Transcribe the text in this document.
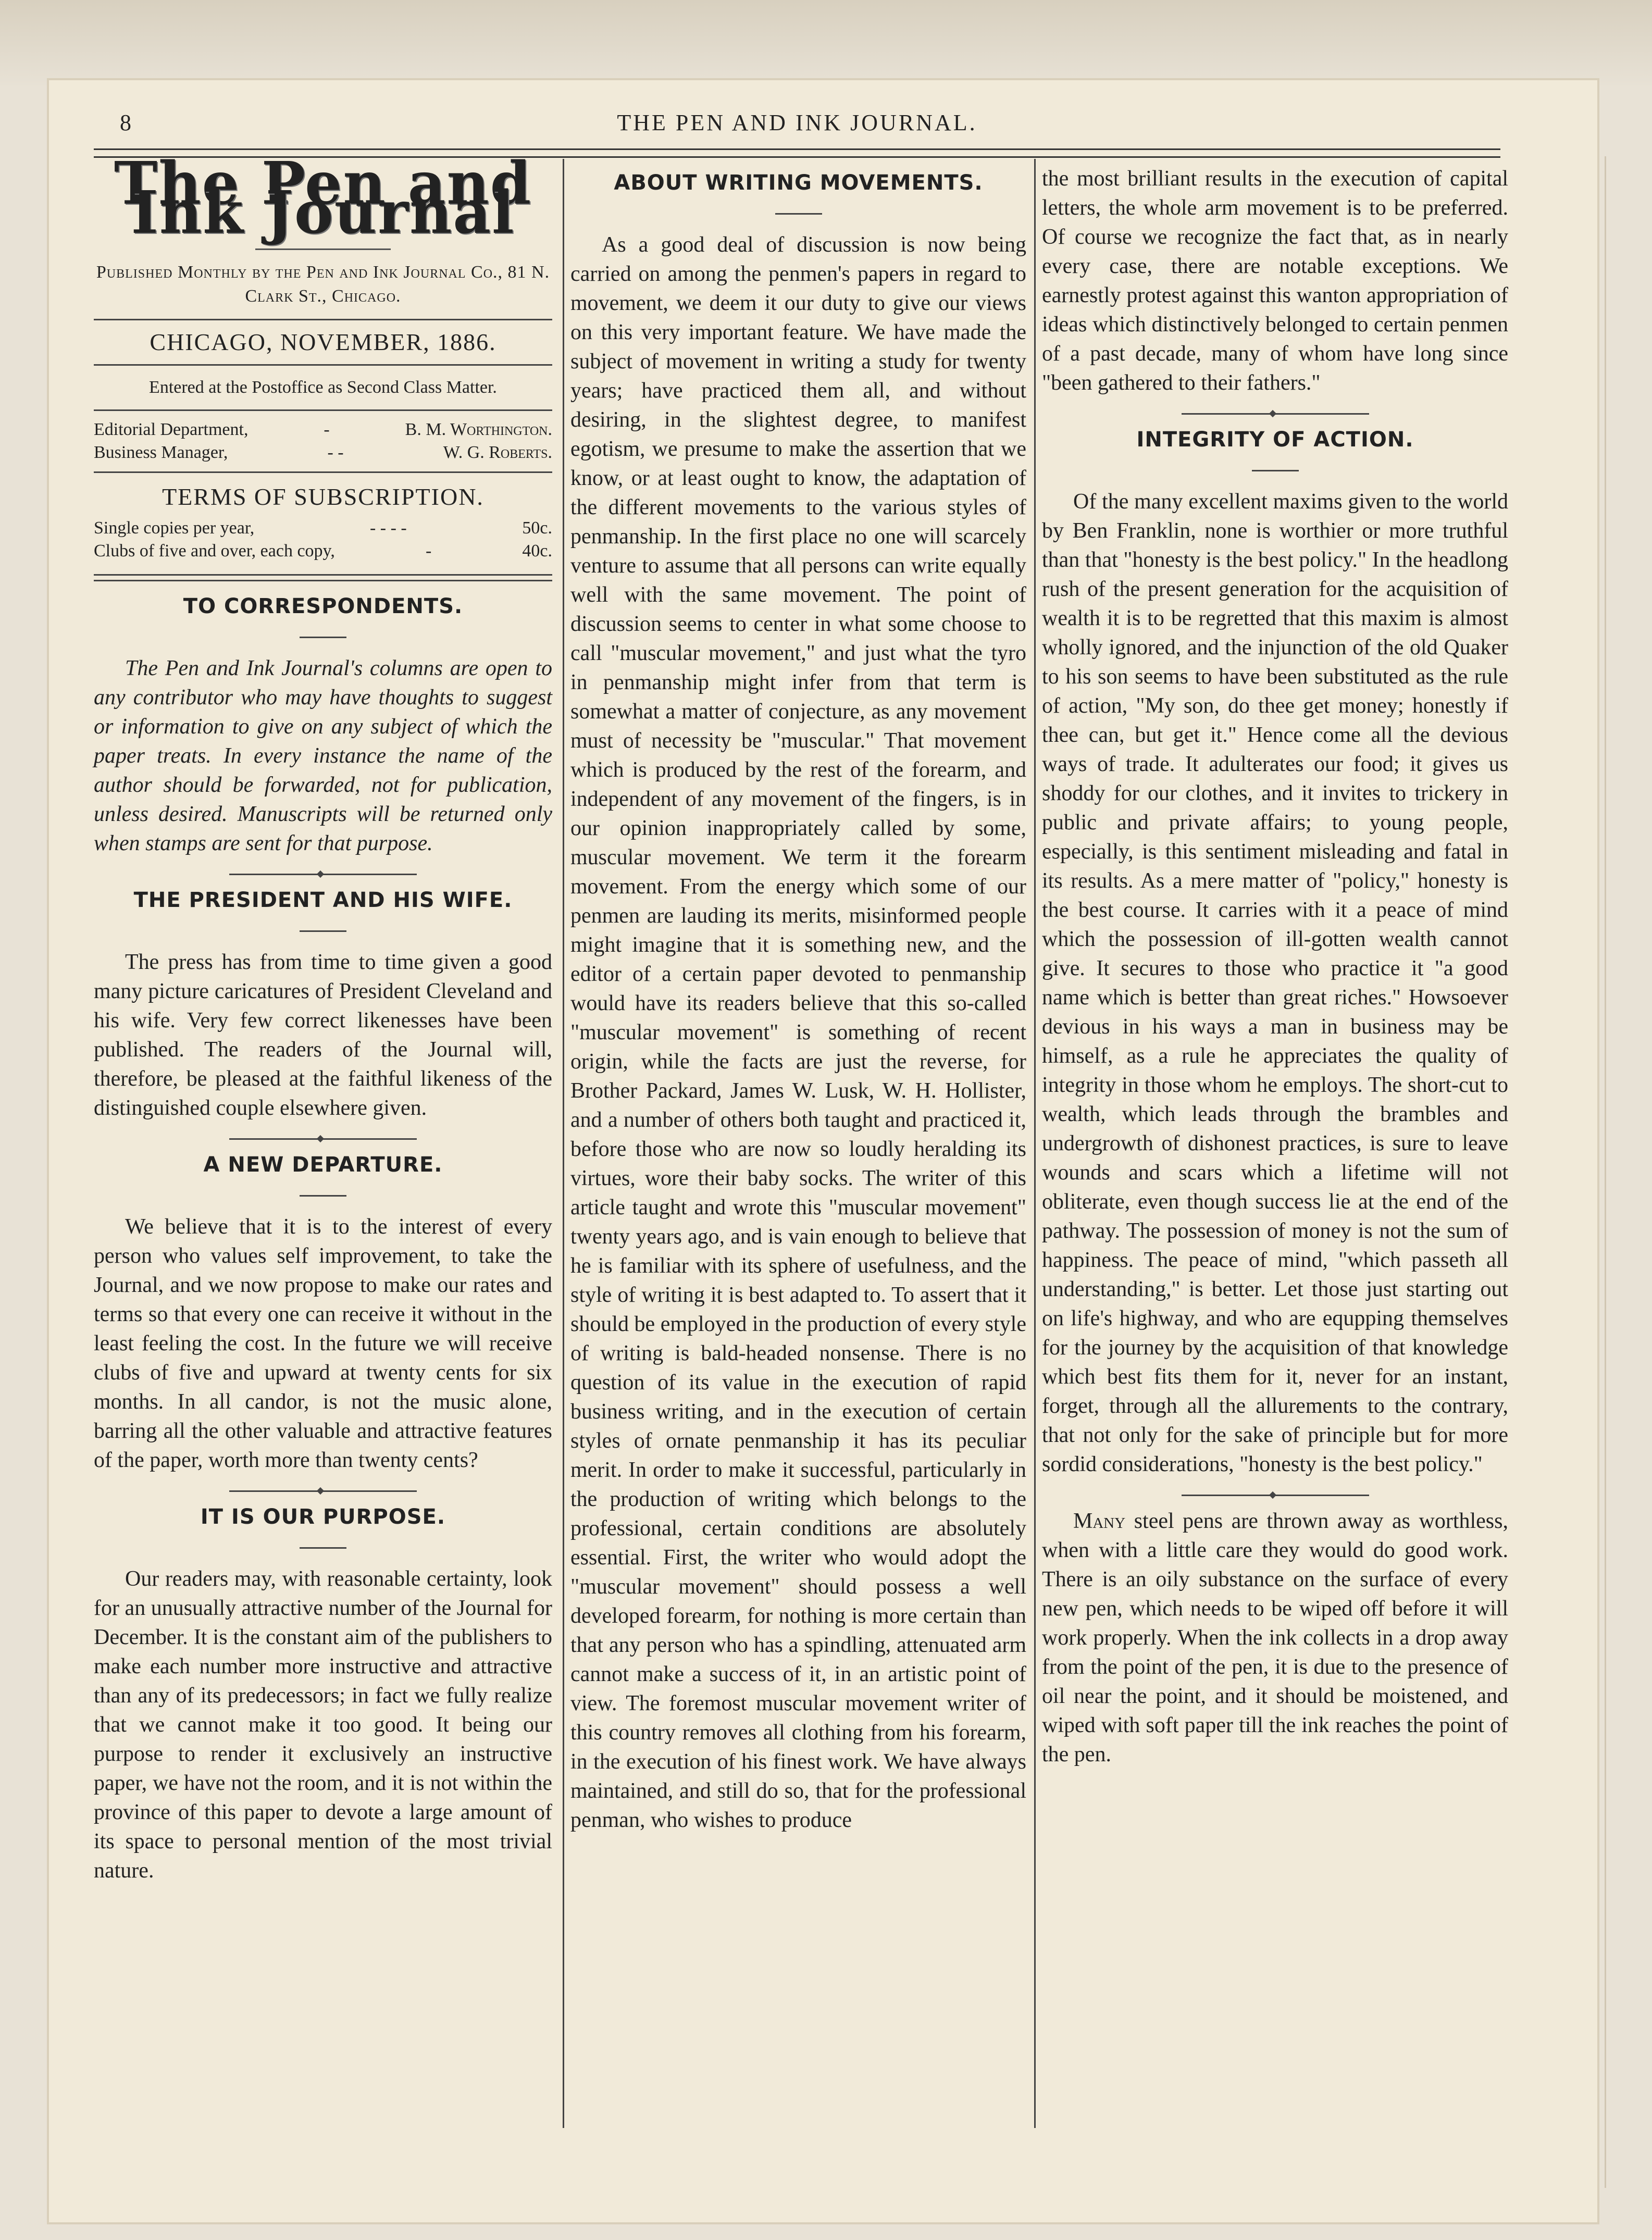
8	THE PEN AND INK JOURNAL.
The Pen and Ink Journal
Published Monthly by the Pen and Ink Journal Co., 81 N. Clark St., Chicago.
CHICAGO, NOVEMBER, 1886.
Entered at the Postoffice as Second Class Matter.
Editorial Department,	-	B. M. Worthington.
Business Manager,	- -	W. G. Roberts.
TERMS OF SUBSCRIPTION.
Single copies per year,	- - - -	50c.
Clubs of five and over, each copy,	-	40c.
TO CORRESPONDENTS.

The Pen and Ink Journal's columns are open to any contributor who may have thoughts to suggest or information to give on any subject of which the paper treats. In every instance the name of the author should be forwarded, not for publication, unless desired. Manuscripts will be returned only when stamps are sent for that purpose.

THE PRESIDENT AND HIS WIFE.

The press has from time to time given a good many picture caricatures of President Cleveland and his wife. Very few correct likenesses have been published. The readers of the Journal will, therefore, be pleased at the faithful likeness of the distinguished couple elsewhere given.

A NEW DEPARTURE.

We believe that it is to the interest of every person who values self improvement, to take the Journal, and we now propose to make our rates and terms so that every one can receive it without in the least feeling the cost. In the future we will receive clubs of five and upward at twenty cents for six months. In all candor, is not the music alone, barring all the other valuable and attractive features of the paper, worth more than twenty cents?

IT IS OUR PURPOSE.

Our readers may, with reasonable certainty, look for an unusually attractive number of the Journal for December. It is the constant aim of the publishers to make each number more instructive and attractive than any of its predecessors; in fact we fully realize that we cannot make it too good. It being our purpose to render it exclusively an instructive paper, we have not the room, and it is not within the province of this paper to devote a large amount of its space to personal mention of the most trivial nature.

ABOUT WRITING MOVEMENTS.

As a good deal of discussion is now being carried on among the penmen's papers in regard to movement, we deem it our duty to give our views on this very important feature. We have made the subject of movement in writing a study for twenty years; have practiced them all, and without desiring, in the slightest degree, to manifest egotism, we presume to make the assertion that we know, or at least ought to know, the adaptation of the different movements to the various styles of penmanship. In the first place no one will scarcely venture to assume that all persons can write equally well with the same movement. The point of discussion seems to center in what some choose to call "muscular movement," and just what the tyro in penmanship might infer from that term is somewhat a matter of conjecture, as any movement must of necessity be "muscular." That movement which is produced by the rest of the forearm, and independent of any movement of the fingers, is in our opinion inappropriately called by some, muscular movement. We term it the forearm movement. From the energy which some of our penmen are lauding its merits, misinformed people might imagine that it is something new, and the editor of a certain paper devoted to penmanship would have its readers believe that this so-called "muscular movement" is something of recent origin, while the facts are just the reverse, for Brother Packard, James W. Lusk, W. H. Hollister, and a number of others both taught and practiced it, before those who are now so loudly heralding its virtues, wore their baby socks. The writer of this article taught and wrote this "muscular movement" twenty years ago, and is vain enough to believe that he is familiar with its sphere of usefulness, and the style of writing it is best adapted to. To assert that it should be employed in the production of every style of writing is bald-headed nonsense. There is no question of its value in the execution of rapid business writing, and in the execution of certain styles of ornate penmanship it has its peculiar merit. In order to make it successful, particularly in the production of writing which belongs to the professional, certain conditions are absolutely essential. First, the writer who would adopt the "muscular movement" should possess a well developed forearm, for nothing is more certain than that any person who has a spindling, attenuated arm cannot make a success of it, in an artistic point of view. The foremost muscular movement writer of this country removes all clothing from his forearm, in the execution of his finest work. We have always maintained, and still do so, that for the professional penman, who wishes to produce

the most brilliant results in the execution of capital letters, the whole arm movement is to be preferred. Of course we recognize the fact that, as in nearly every case, there are notable exceptions. We earnestly protest against this wanton appropriation of ideas which distinctively belonged to certain penmen of a past decade, many of whom have long since "been gathered to their fathers."

INTEGRITY OF ACTION.

Of the many excellent maxims given to the world by Ben Franklin, none is worthier or more truthful than that "honesty is the best policy." In the headlong rush of the present generation for the acquisition of wealth it is to be regretted that this maxim is almost wholly ignored, and the injunction of the old Quaker to his son seems to have been substituted as the rule of action, "My son, do thee get money; honestly if thee can, but get it." Hence come all the devious ways of trade. It adulterates our food; it gives us shoddy for our clothes, and it invites to trickery in public and private affairs; to young people, especially, is this sentiment misleading and fatal in its results. As a mere matter of "policy," honesty is the best course. It carries with it a peace of mind which the possession of ill-gotten wealth cannot give. It secures to those who practice it "a good name which is better than great riches." Howsoever devious in his ways a man in business may be himself, as a rule he appreciates the quality of integrity in those whom he employs. The short-cut to wealth, which leads through the brambles and undergrowth of dishonest practices, is sure to leave wounds and scars which a lifetime will not obliterate, even though success lie at the end of the pathway. The possession of money is not the sum of happiness. The peace of mind, "which passeth all understanding," is better. Let those just starting out on life's highway, and who are equpping themselves for the journey by the acquisition of that knowledge which best fits them for it, never for an instant, forget, through all the allurements to the contrary, that not only for the sake of principle but for more sordid considerations, "honesty is the best policy."

Many steel pens are thrown away as worthless, when with a little care they would do good work. There is an oily substance on the surface of every new pen, which needs to be wiped off before it will work properly. When the ink collects in a drop away from the point of the pen, it is due to the presence of oil near the point, and it should be moistened, and wiped with soft paper till the ink reaches the point of the pen.
